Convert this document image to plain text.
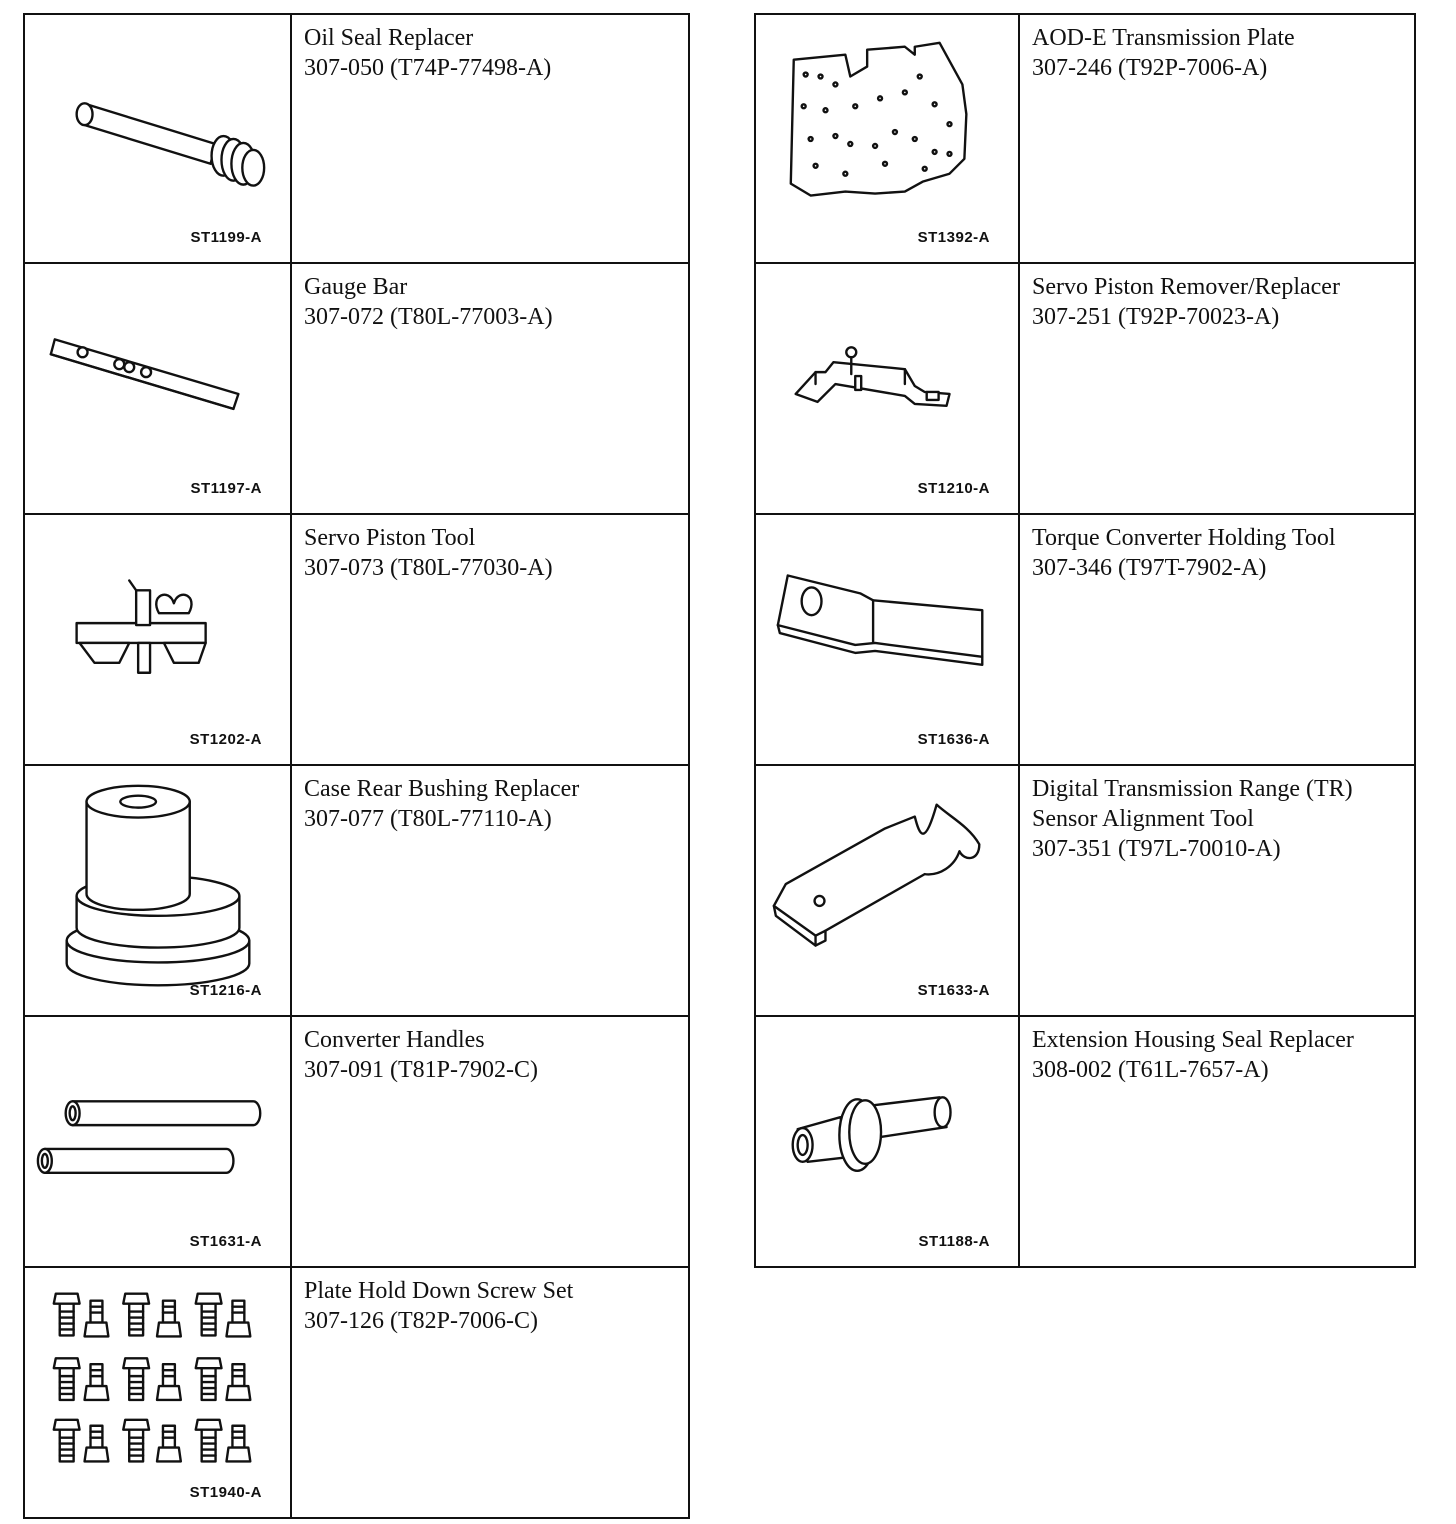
ST1199-A
Oil Seal Replacer
307-050 (T74P-77498-A)
ST1197-A
Gauge Bar
307-072 (T80L-77003-A)
ST1202-A
Servo Piston Tool
307-073 (T80L-77030-A)
ST1216-A
Case Rear Bushing Replacer
307-077 (T80L-77110-A)
ST1631-A
Converter Handles
307-091 (T81P-7902-C)
ST1940-A
Plate Hold Down Screw Set
307-126 (T82P-7006-C)
ST1392-A
AOD-E Transmission Plate
307-246 (T92P-7006-A)
ST1210-A
Servo Piston Remover/Replacer
307-251 (T92P-70023-A)
ST1636-A
Torque Converter Holding Tool
307-346 (T97T-7902-A)
ST1633-A
Digital Transmission Range (TR)
Sensor Alignment Tool
307-351 (T97L-70010-A)
ST1188-A
Extension Housing Seal Replacer
308-002 (T61L-7657-A)
